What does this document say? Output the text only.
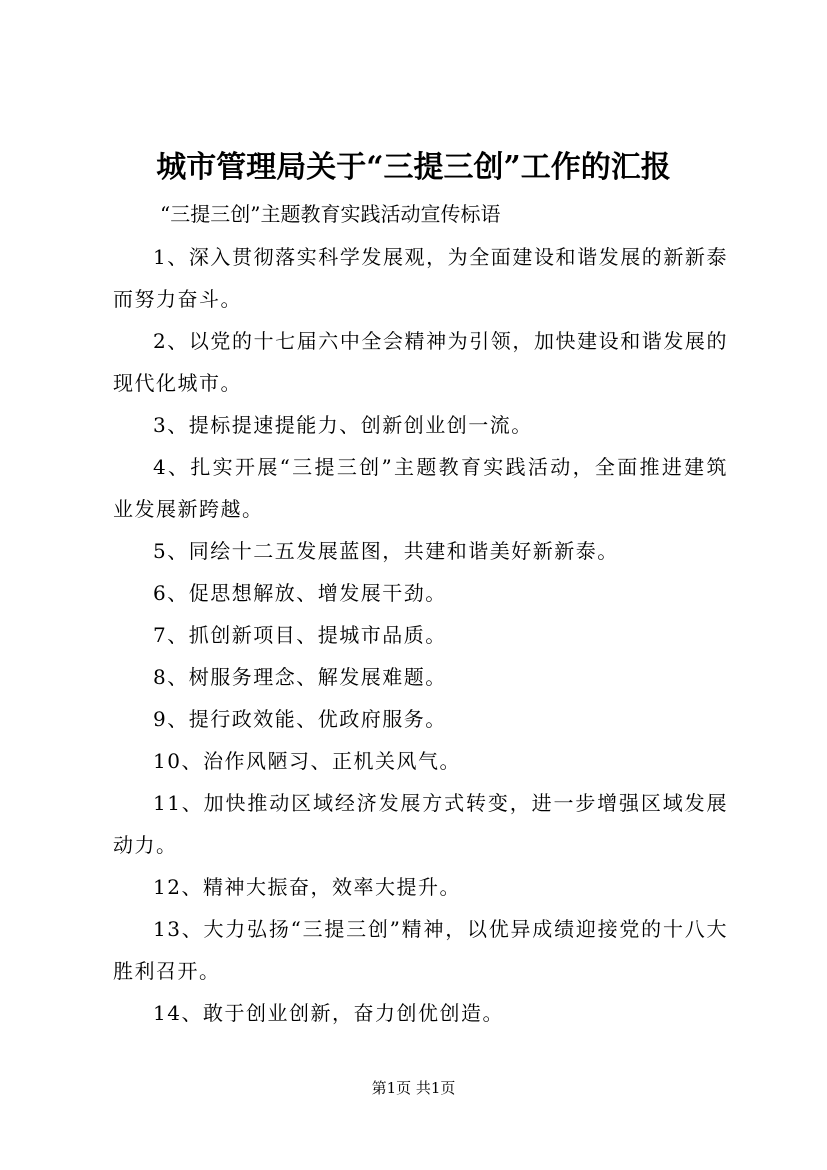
城市管理局关于“三提三创”工作的汇报
“三提三创”主题教育实践活动宣传标语

1、深入贯彻落实科学发展观，为全面建设和谐发展的新新泰而努力奋斗。

2、以党的十七届六中全会精神为引领，加快建设和谐发展的现代化城市。

3、提标提速提能力、创新创业创一流。

4、扎实开展“三提三创”主题教育实践活动，全面推进建筑业发展新跨越。

5、同绘十二五发展蓝图，共建和谐美好新新泰。

6、促思想解放、增发展干劲。

7、抓创新项目、提城市品质。

8、树服务理念、解发展难题。

9、提行政效能、优政府服务。

10、治作风陋习、正机关风气。

11、加快推动区域经济发展方式转变，进一步增强区域发展动力。

12、精神大振奋，效率大提升。

13、大力弘扬“三提三创”精神，以优异成绩迎接党的十八大胜利召开。

14、敢于创业创新，奋力创优创造。

第1页 共1页
